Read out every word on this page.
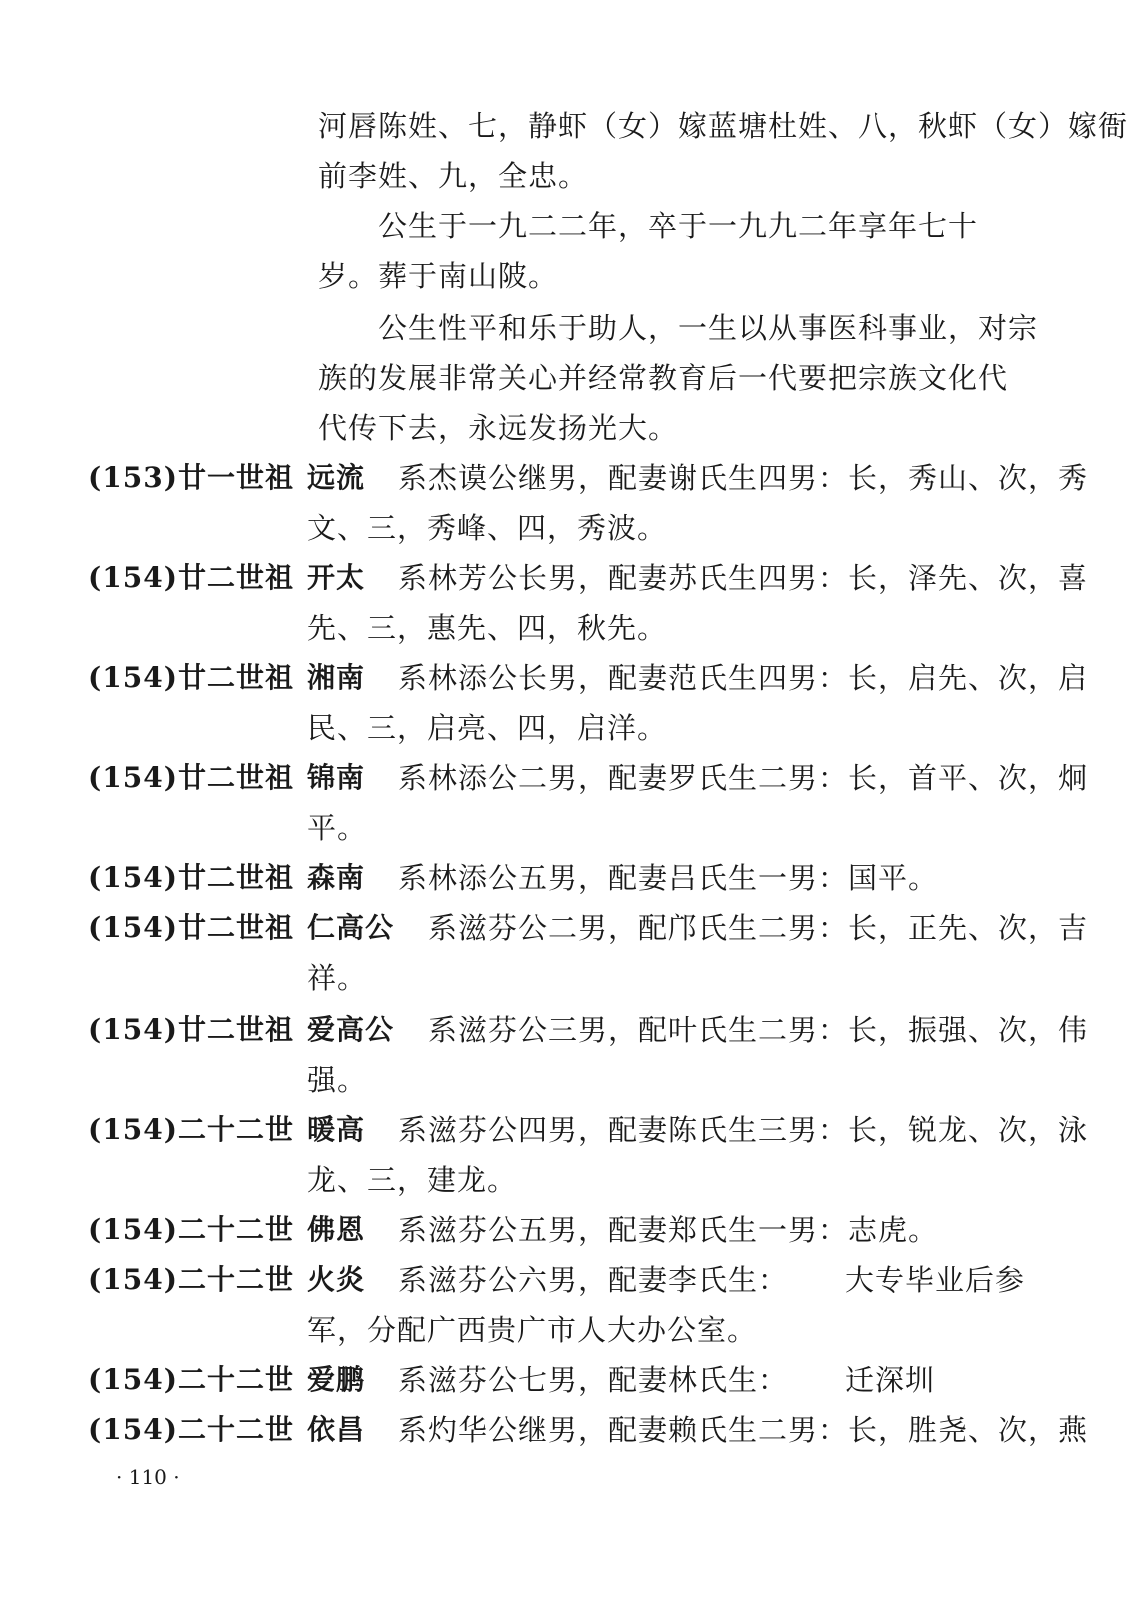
河唇陈姓、七，静虾（女）嫁蓝塘杜姓、八，秋虾（女）嫁衙
前李姓、九，全忠。
公生于一九二二年，卒于一九九二年享年七十
岁。葬于南山陂。
公生性平和乐于助人，一生以从事医科事业，对宗
族的发展非常关心并经常教育后一代要把宗族文化代
代传下去，永远发扬光大。
(153)廿一世祖 远流 系杰谟公继男，配妻谢氏生四男：长，秀山、次，秀
文、三，秀峰、四，秀波。
(154)廿二世祖 开太 系林芳公长男，配妻苏氏生四男：长，泽先、次，喜
先、三，惠先、四，秋先。
(154)廿二世祖 湘南 系林添公长男，配妻范氏生四男：长，启先、次，启
民、三，启亮、四，启洋。
(154)廿二世祖 锦南 系林添公二男，配妻罗氏生二男：长，首平、次，炯
平。
(154)廿二世祖 森南 系林添公五男，配妻吕氏生一男：国平。
(154)廿二世祖 仁高公 系滋芬公二男，配邝氏生二男：长，正先、次，吉
祥。
(154)廿二世祖 爱高公 系滋芬公三男，配叶氏生二男：长，振强、次，伟
强。
(154)二十二世 暖高 系滋芬公四男，配妻陈氏生三男：长，锐龙、次，泳
龙、三，建龙。
(154)二十二世 佛恩 系滋芬公五男，配妻郑氏生一男：志虎。
(154)二十二世 火炎 系滋芬公六男，配妻李氏生： 大专毕业后参
军，分配广西贵广市人大办公室。
(154)二十二世 爱鹏 系滋芬公七男，配妻林氏生： 迁深圳
(154)二十二世 依昌 系灼华公继男，配妻赖氏生二男：长，胜尧、次，燕
· 110 ·
